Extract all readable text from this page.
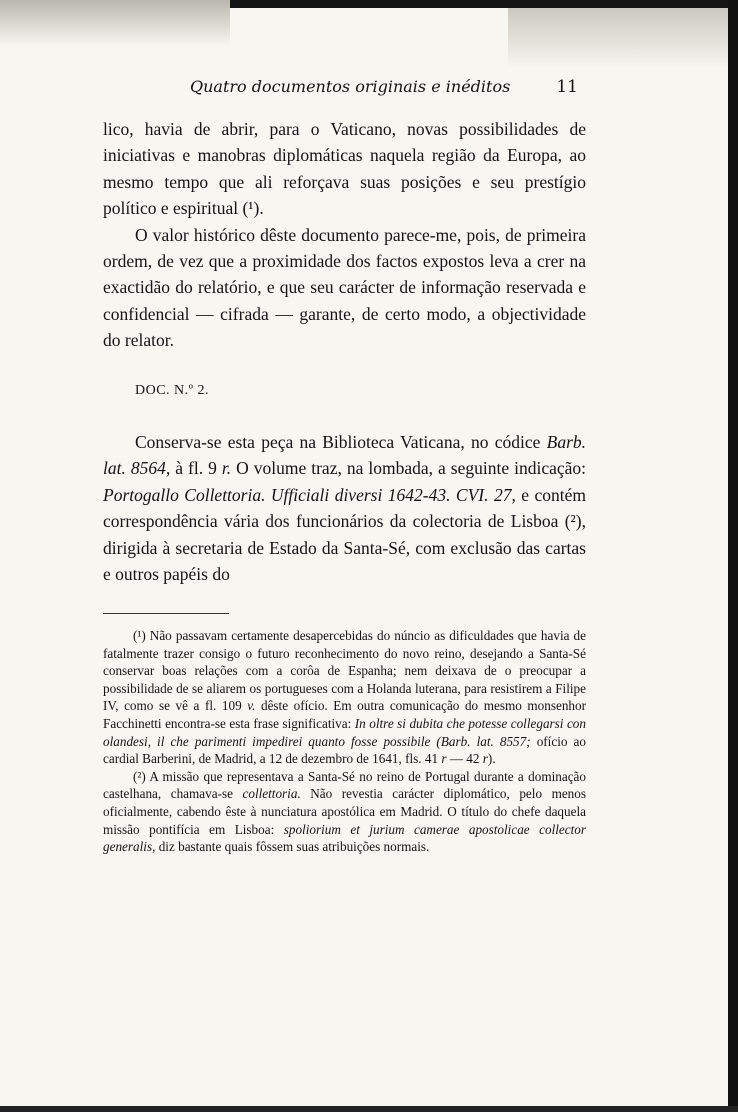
Quatro documentos originais e inéditos	11

lico, havia de abrir, para o Vaticano, novas possibilidades de iniciativas e manobras diplomáticas naquela região da Europa, ao mesmo tempo que ali reforçava suas posições e seu prestígio político e espiritual (¹).

O valor histórico dêste documento parece-me, pois, de primeira ordem, de vez que a proximidade dos factos expostos leva a crer na exactidão do relatório, e que seu carácter de informação reservada e confidencial — cifrada — garante, de certo modo, a objectividade do relator.

DOC. N.º 2.

Conserva-se esta peça na Biblioteca Vaticana, no códice Barb. lat. 8564, à fl. 9 r. O volume traz, na lombada, a seguinte indicação: Portogallo Collettoria. Ufficiali diversi 1642-43. CVI. 27, e contém correspondência vária dos funcionários da colectoria de Lisboa (²), dirigida à secretaria de Estado da Santa-Sé, com exclusão das cartas e outros papéis do

(¹) Não passavam certamente desapercebidas do núncio as dificuldades que havia de fatalmente trazer consigo o futuro reconhecimento do novo reino, desejando a Santa-Sé conservar boas relações com a corôa de Espanha; nem deixava de o preocupar a possibilidade de se aliarem os portugueses com a Holanda luterana, para resistirem a Filipe IV, como se vê a fl. 109 v. dêste ofício. Em outra comunicação do mesmo monsenhor Facchinetti encontra-se esta frase significativa: In oltre si dubita che potesse collegarsi con olandesi, il che parimenti impedirei quanto fosse possibile (Barb. lat. 8557; ofício ao cardial Barberini, de Madrid, a 12 de dezembro de 1641, fls. 41 r — 42 r).

(²) A missão que representava a Santa-Sé no reino de Portugal durante a dominação castelhana, chamava-se collettoria. Não revestia carácter diplomático, pelo menos oficialmente, cabendo êste à nunciatura apostólica em Madrid. O título do chefe daquela missão pontifícia em Lisboa: spoliorium et jurium camerae apostolicae collector generalis, diz bastante quais fôssem suas atribuições normais.
